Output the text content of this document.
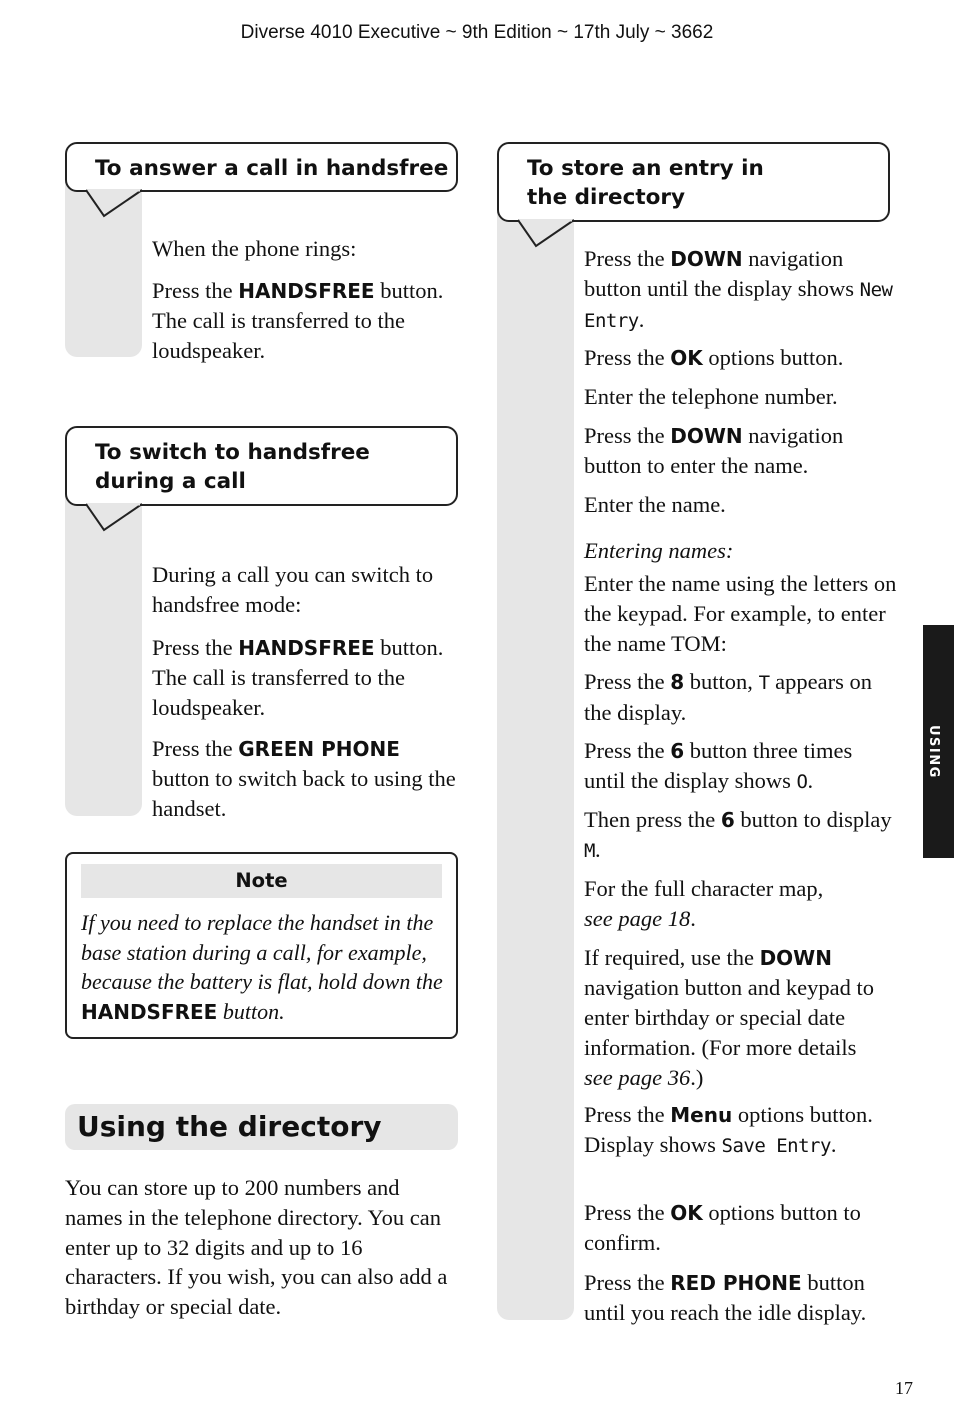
Diverse 4010 Executive ~ 9th Edition ~ 17th July ~ 3662
To answer a call in handsfree
When the phone rings:
Press the HANDSFREE button. The call is transferred to the loudspeaker.
To switch to handsfree during a call
During a call you can switch to handsfree mode:
Press the HANDSFREE button. The call is transferred to the loudspeaker.
Press the GREEN PHONE button to switch back to using the handset.
Note
If you need to replace the handset in the base station during a call, for example, because the battery is flat, hold down the HANDSFREE button.
Using the directory
You can store up to 200 numbers and names in the telephone directory. You can enter up to 32 digits and up to 16 characters. If you wish, you can also add a birthday or special date.
To store an entry in the directory
Press the DOWN navigation button until the display shows New Entry.
Press the OK options button.
Enter the telephone number.
Press the DOWN navigation button to enter the name.
Enter the name.
Entering names:
Enter the name using the letters on the keypad. For example, to enter the name TOM:
Press the 8 button, T appears on the display.
Press the 6 button three times until the display shows O.
Then press the 6 button to display M.
For the full character map,
see page 18.
If required, use the DOWN navigation button and keypad to enter birthday or special date information. (For more details see page 36.)
Press the Menu options button. Display shows Save Entry.
Press the OK options button to confirm.
Press the RED PHONE button until you reach the idle display.
USING
17
